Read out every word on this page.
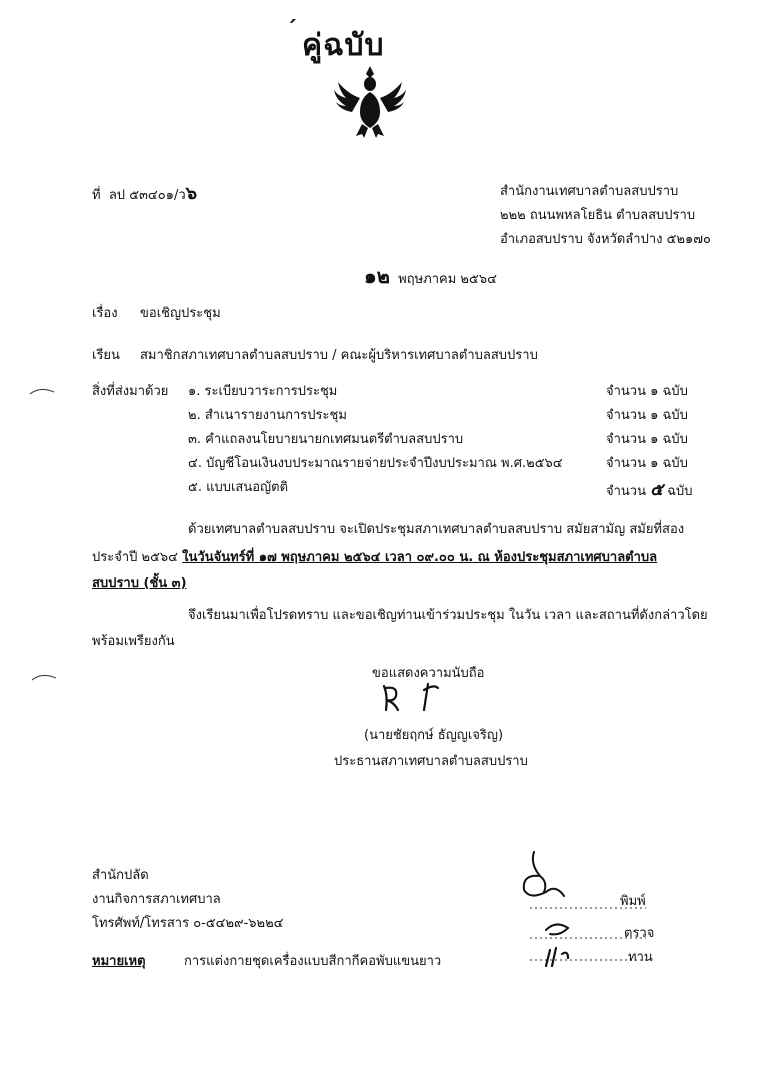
´ คู่ฉบับ
ที่ ลป ๕๓๔๐๑/ว๖	สำนักงานเทศบาลตำบลสบปราบ
๒๒๒ ถนนพหลโยธิน ตำบลสบปราบ
อำเภอสบปราบ จังหวัดลำปาง ๕๒๑๗๐
๑๒ พฤษภาคม ๒๕๖๔
เรื่อง ขอเชิญประชุม
เรียน สมาชิกสภาเทศบาลตำบลสบปราบ / คณะผู้บริหารเทศบาลตำบลสบปราบ
สิ่งที่ส่งมาด้วย ๑. ระเบียบวาระการประชุม	จำนวน ๑ ฉบับ
๒. สำเนารายงานการประชุม	จำนวน ๑ ฉบับ
๓. คำแถลงนโยบายนายกเทศมนตรีตำบลสบปราบ	จำนวน ๑ ฉบับ
๔. บัญชีโอนเงินงบประมาณรายจ่ายประจำปีงบประมาณ พ.ศ.๒๕๖๔	จำนวน ๑ ฉบับ
๕. แบบเสนอญัตติ	จำนวน ๕ ฉบับ
ด้วยเทศบาลตำบลสบปราบ จะเปิดประชุมสภาเทศบาลตำบลสบปราบ สมัยสามัญ สมัยที่สอง
ประจำปี ๒๕๖๔ ในวันจันทร์ที่ ๑๗ พฤษภาคม ๒๕๖๔ เวลา ๐๙.๐๐ น. ณ ห้องประชุมสภาเทศบาลตำบล
สบปราบ (ชั้น ๓)
จึงเรียนมาเพื่อโปรดทราบ และขอเชิญท่านเข้าร่วมประชุม ในวัน เวลา และสถานที่ดังกล่าวโดย
พร้อมเพรียงกัน
ขอแสดงความนับถือ
(นายชัยฤกษ์ ธัญญเจริญ)
ประธานสภาเทศบาลตำบลสบปราบ
สำนักปลัด
งานกิจการสภาเทศบาล
โทรศัพท์/โทรสาร ๐-๕๔๒๙-๖๒๒๔
หมายเหตุ	การแต่งกายชุดเครื่องแบบสีกากีคอพับแขนยาว
พิมพ์
ตรวจ
ทาน
